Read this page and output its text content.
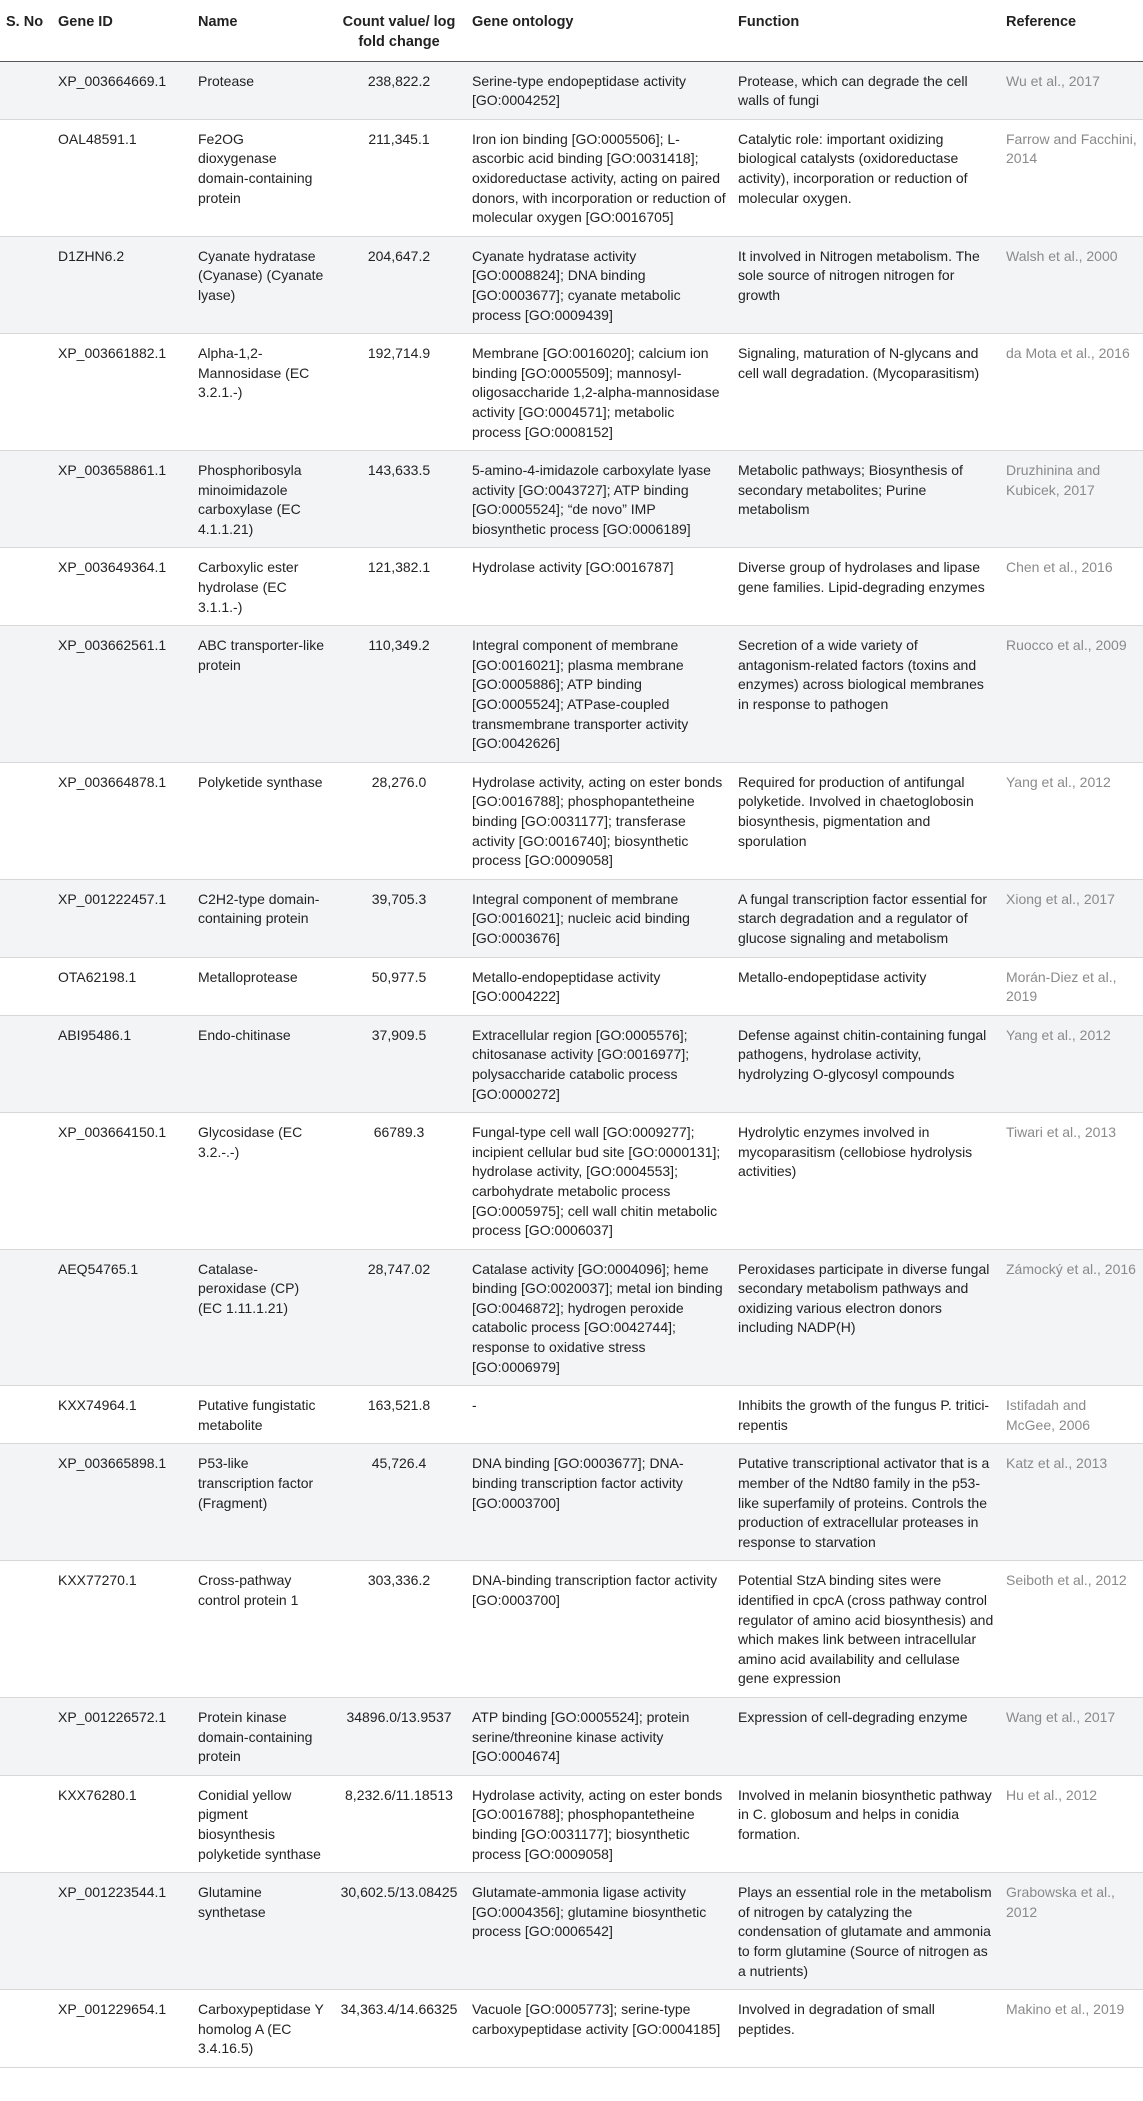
S. No	Gene ID	Name	Count value/ log fold change	Gene ontology	Function	Reference
	XP_003664669.1	Protease	238,822.2	Serine-type endopeptidase activity [GO:0004252]	Protease, which can degrade the cell walls of fungi	Wu et al., 2017
	OAL48591.1	Fe2OG dioxygenase domain-containing protein	211,345.1	Iron ion binding [GO:0005506]; L-ascorbic acid binding [GO:0031418]; oxidoreductase activity, acting on paired donors, with incorporation or reduction of molecular oxygen [GO:0016705]	Catalytic role: important oxidizing biological catalysts (oxidoreductase activity), incorporation or reduction of molecular oxygen.	Farrow and Facchini, 2014
	D1ZHN6.2	Cyanate hydratase (Cyanase) (Cyanate lyase)	204,647.2	Cyanate hydratase activity [GO:0008824]; DNA binding [GO:0003677]; cyanate metabolic process [GO:0009439]	It involved in Nitrogen metabolism. The sole source of nitrogen nitrogen for growth	Walsh et al., 2000
	XP_003661882.1	Alpha-1,2-Mannosidase (EC 3.2.1.-)	192,714.9	Membrane [GO:0016020]; calcium ion binding [GO:0005509]; mannosyl-oligosaccharide 1,2-alpha-mannosidase activity [GO:0004571]; metabolic process [GO:0008152]	Signaling, maturation of N-glycans and cell wall degradation. (Mycoparasitism)	da Mota et al., 2016
	XP_003658861.1	Phosphoribosyla minoimidazole carboxylase (EC 4.1.1.21)	143,633.5	5-amino-4-imidazole carboxylate lyase activity [GO:0043727]; ATP binding [GO:0005524]; “de novo” IMP biosynthetic process [GO:0006189]	Metabolic pathways; Biosynthesis of secondary metabolites; Purine metabolism	Druzhinina and Kubicek, 2017
	XP_003649364.1	Carboxylic ester hydrolase (EC 3.1.1.-)	121,382.1	Hydrolase activity [GO:0016787]	Diverse group of hydrolases and lipase gene families. Lipid-degrading enzymes	Chen et al., 2016
	XP_003662561.1	ABC transporter-like protein	110,349.2	Integral component of membrane [GO:0016021]; plasma membrane [GO:0005886]; ATP binding [GO:0005524]; ATPase-coupled transmembrane transporter activity [GO:0042626]	Secretion of a wide variety of antagonism-related factors (toxins and enzymes) across biological membranes in response to pathogen	Ruocco et al., 2009
	XP_003664878.1	Polyketide synthase	28,276.0	Hydrolase activity, acting on ester bonds [GO:0016788]; phosphopantetheine binding [GO:0031177]; transferase activity [GO:0016740]; biosynthetic process [GO:0009058]	Required for production of antifungal polyketide. Involved in chaetoglobosin biosynthesis, pigmentation and sporulation	Yang et al., 2012
	XP_001222457.1	C2H2-type domain-containing protein	39,705.3	Integral component of membrane [GO:0016021]; nucleic acid binding [GO:0003676]	A fungal transcription factor essential for starch degradation and a regulator of glucose signaling and metabolism	Xiong et al., 2017
	OTA62198.1	Metalloprotease	50,977.5	Metallo-endopeptidase activity [GO:0004222]	Metallo-endopeptidase activity	Morán-Diez et al., 2019
	ABI95486.1	Endo-chitinase	37,909.5	Extracellular region [GO:0005576]; chitosanase activity [GO:0016977]; polysaccharide catabolic process [GO:0000272]	Defense against chitin-containing fungal pathogens, hydrolase activity, hydrolyzing O-glycosyl compounds	Yang et al., 2012
	XP_003664150.1	Glycosidase (EC 3.2.-.-)	66789.3	Fungal-type cell wall [GO:0009277]; incipient cellular bud site [GO:0000131]; hydrolase activity, [GO:0004553]; carbohydrate metabolic process [GO:0005975]; cell wall chitin metabolic process [GO:0006037]	Hydrolytic enzymes involved in mycoparasitism (cellobiose hydrolysis activities)	Tiwari et al., 2013
	AEQ54765.1	Catalase-peroxidase (CP) (EC 1.11.1.21)	28,747.02	Catalase activity [GO:0004096]; heme binding [GO:0020037]; metal ion binding [GO:0046872]; hydrogen peroxide catabolic process [GO:0042744]; response to oxidative stress [GO:0006979]	Peroxidases participate in diverse fungal secondary metabolism pathways and oxidizing various electron donors including NADP(H)	Zámocký et al., 2016
	KXX74964.1	Putative fungistatic metabolite	163,521.8	-	Inhibits the growth of the fungus P. tritici-repentis	Istifadah and McGee, 2006
	XP_003665898.1	P53-like transcription factor (Fragment)	45,726.4	DNA binding [GO:0003677]; DNA-binding transcription factor activity [GO:0003700]	Putative transcriptional activator that is a member of the Ndt80 family in the p53-like superfamily of proteins. Controls the production of extracellular proteases in response to starvation	Katz et al., 2013
	KXX77270.1	Cross-pathway control protein 1	303,336.2	DNA-binding transcription factor activity [GO:0003700]	Potential StzA binding sites were identified in cpcA (cross pathway control regulator of amino acid biosynthesis) and which makes link between intracellular amino acid availability and cellulase gene expression	Seiboth et al., 2012
	XP_001226572.1	Protein kinase domain-containing protein	34896.0/13.9537	ATP binding [GO:0005524]; protein serine/threonine kinase activity [GO:0004674]	Expression of cell-degrading enzyme	Wang et al., 2017
	KXX76280.1	Conidial yellow pigment biosynthesis polyketide synthase	8,232.6/11.18513	Hydrolase activity, acting on ester bonds [GO:0016788]; phosphopantetheine binding [GO:0031177]; biosynthetic process [GO:0009058]	Involved in melanin biosynthetic pathway in C. globosum and helps in conidia formation.	Hu et al., 2012
	XP_001223544.1	Glutamine synthetase	30,602.5/13.08425	Glutamate-ammonia ligase activity [GO:0004356]; glutamine biosynthetic process [GO:0006542]	Plays an essential role in the metabolism of nitrogen by catalyzing the condensation of glutamate and ammonia to form glutamine (Source of nitrogen as a nutrients)	Grabowska et al., 2012
	XP_001229654.1	Carboxypeptidase Y homolog A (EC 3.4.16.5)	34,363.4/14.66325	Vacuole [GO:0005773]; serine-type carboxypeptidase activity [GO:0004185]	Involved in degradation of small peptides.	Makino et al., 2019
